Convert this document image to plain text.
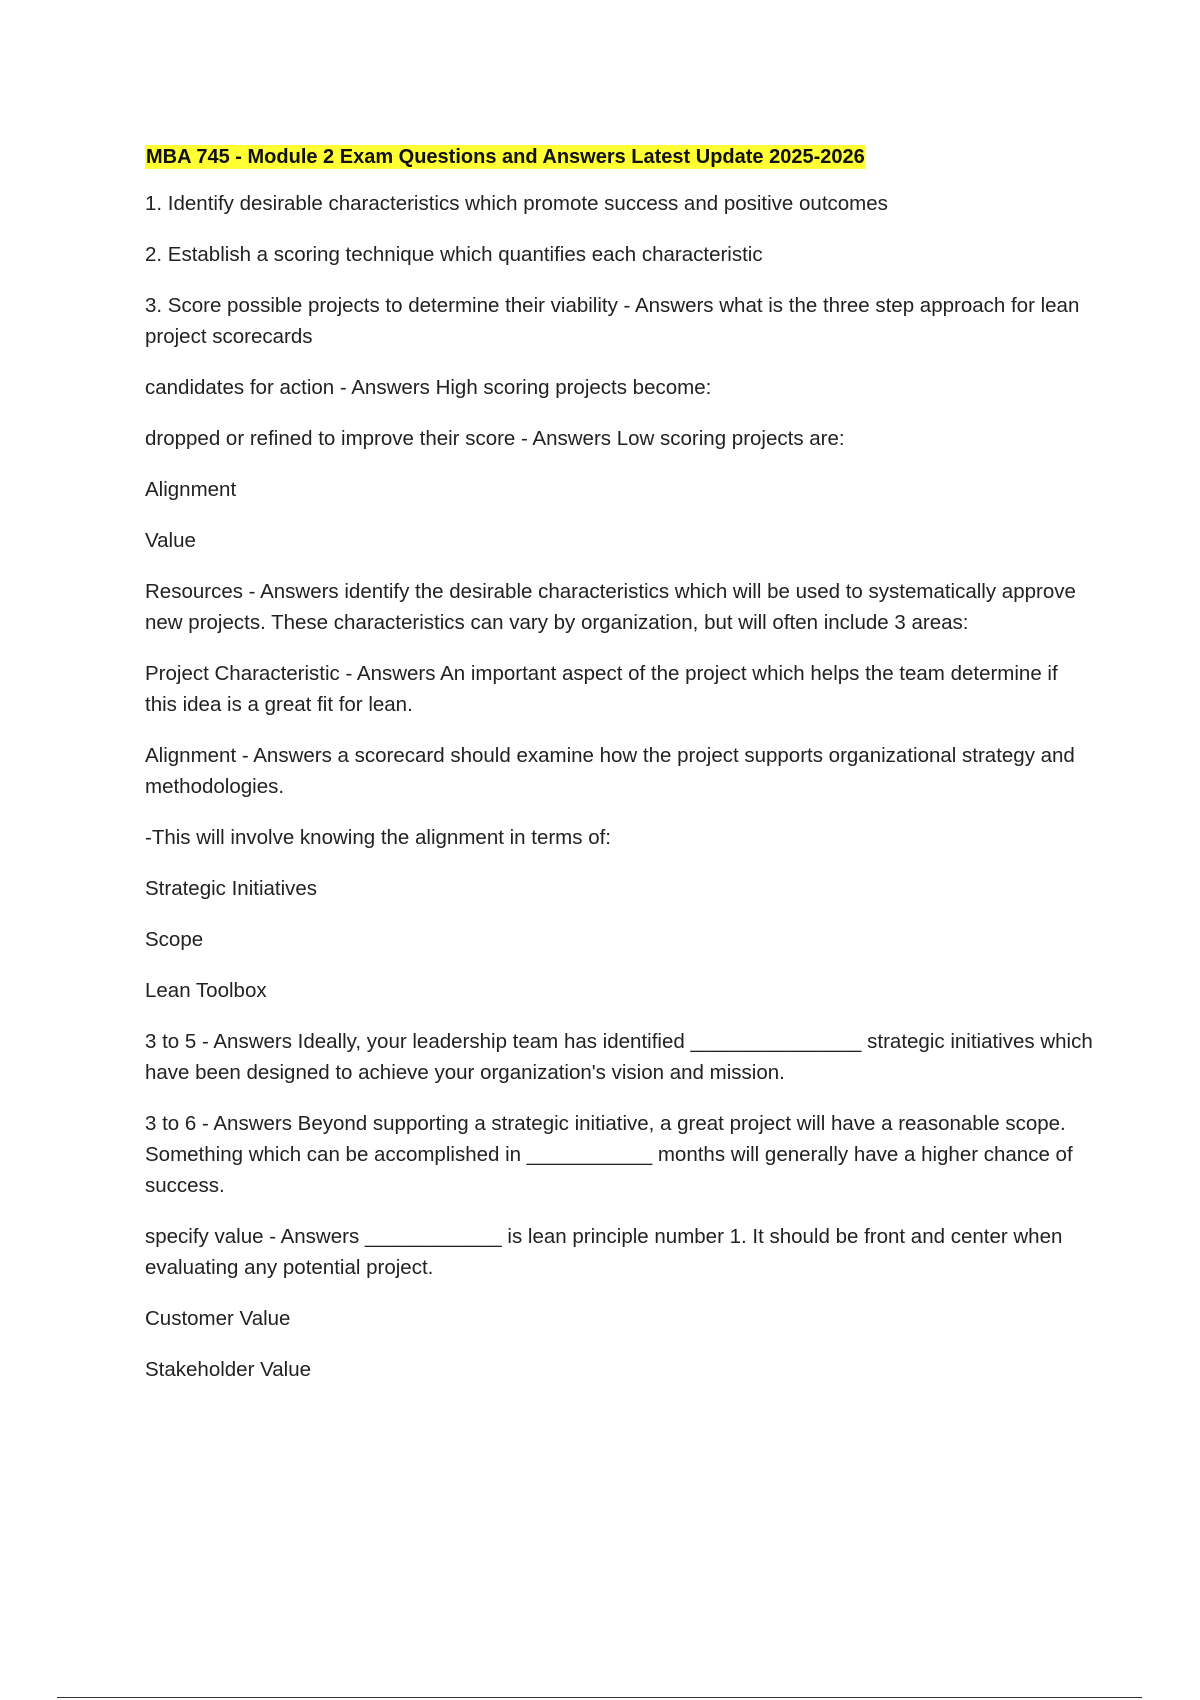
MBA 745 - Module 2 Exam Questions and Answers Latest Update 2025-2026
1. Identify desirable characteristics which promote success and positive outcomes
2. Establish a scoring technique which quantifies each characteristic
3. Score possible projects to determine their viability - Answers what is the three step approach for lean project scorecards
candidates for action - Answers High scoring projects become:
dropped or refined to improve their score - Answers Low scoring projects are:
Alignment
Value
Resources - Answers identify the desirable characteristics which will be used to systematically approve new projects. These characteristics can vary by organization, but will often include 3 areas:
Project Characteristic - Answers An important aspect of the project which helps the team determine if this idea is a great fit for lean.
Alignment - Answers a scorecard should examine how the project supports organizational strategy and methodologies.
-This will involve knowing the alignment in terms of:
Strategic Initiatives
Scope
Lean Toolbox
3 to 5 - Answers Ideally, your leadership team has identified _______________ strategic initiatives which have been designed to achieve your organization's vision and mission.
3 to 6 - Answers Beyond supporting a strategic initiative, a great project will have a reasonable scope. Something which can be accomplished in ___________ months will generally have a higher chance of success.
specify value - Answers ____________ is lean principle number 1. It should be front and center when evaluating any potential project.
Customer Value
Stakeholder Value
